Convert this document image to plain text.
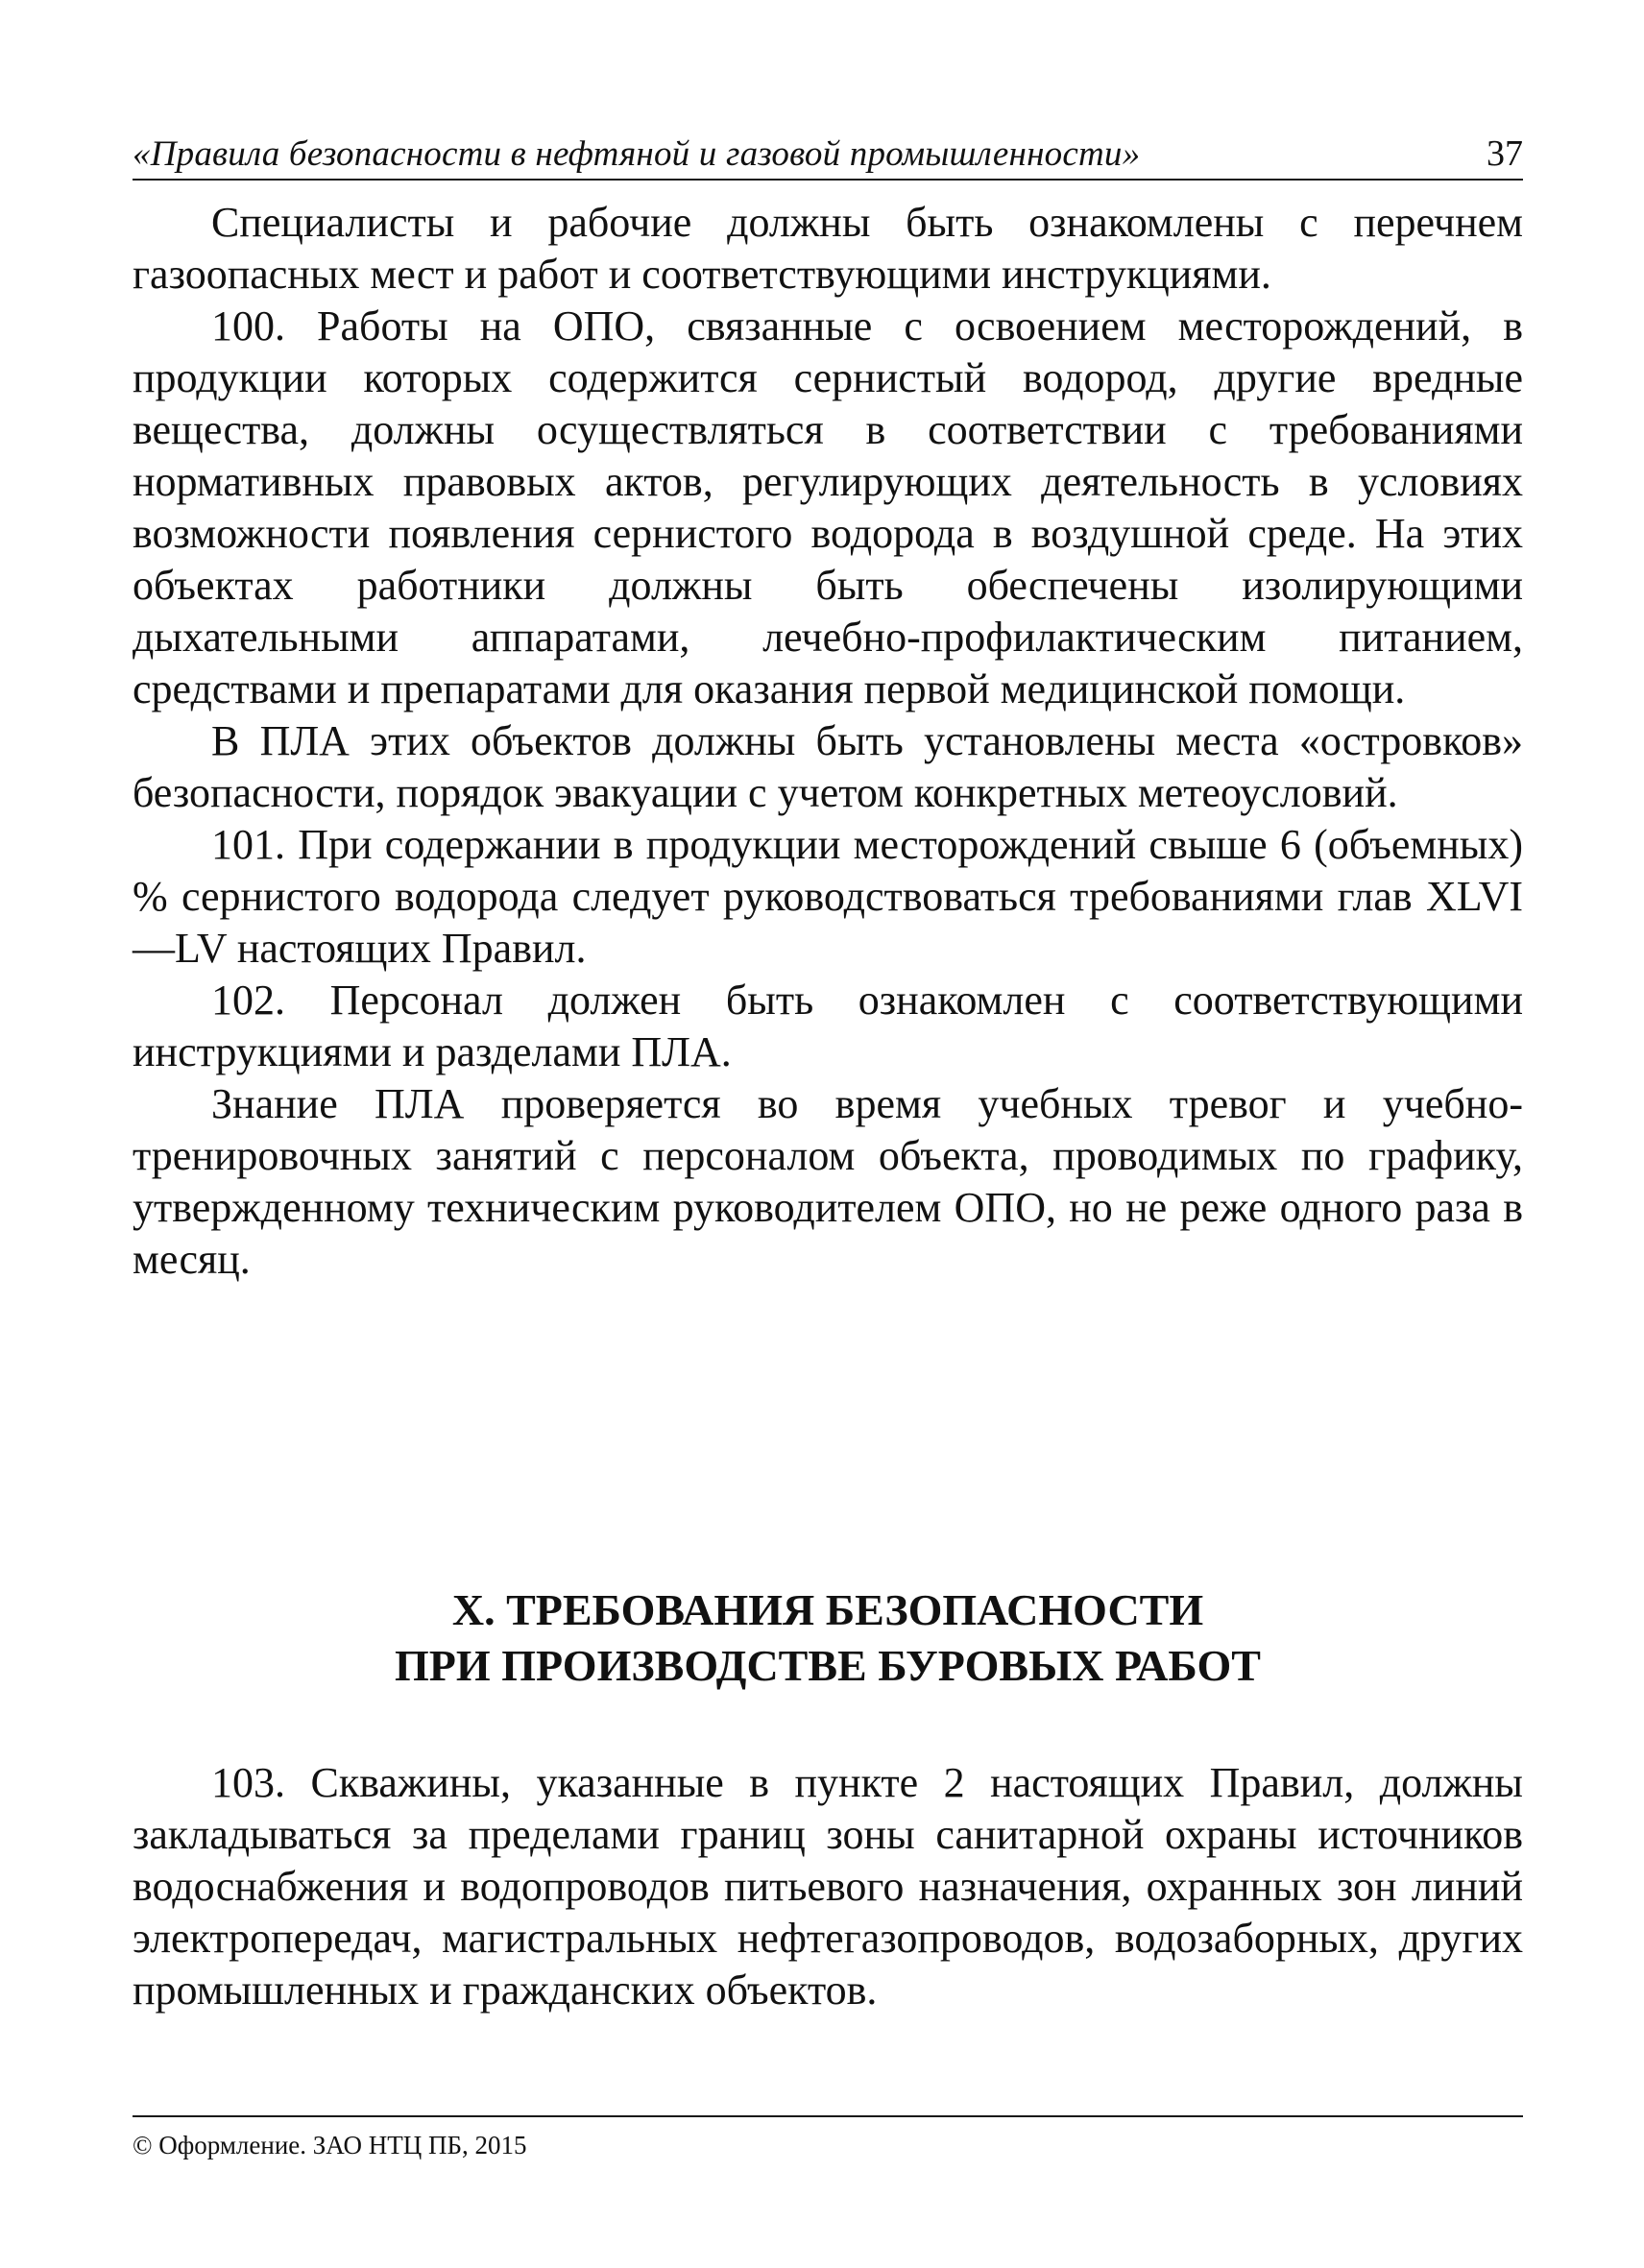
«Правила безопасности в нефтяной и газовой промышленности»	37

Специалисты и рабочие должны быть ознакомлены с перечнем газоопасных мест и работ и соответствующими инструкциями.

100. Работы на ОПО, связанные с освоением месторождений, в продукции которых содержится сернистый водород, другие вредные вещества, должны осуществляться в соответствии с требованиями нормативных правовых актов, регулирующих деятельность в условиях возможности появления сернистого водорода в воздушной среде. На этих объектах работники должны быть обеспечены изолирующими дыхательными аппаратами, лечебно-профилактическим питанием, средствами и препаратами для оказания первой медицинской помощи.

В ПЛА этих объектов должны быть установлены места «островков» безопасности, порядок эвакуации с учетом конкретных метеоусловий.

101. При содержании в продукции месторождений свыше 6 (объемных) % сернистого водорода следует руководствоваться требованиями глав XLVI—LV настоящих Правил.

102. Персонал должен быть ознакомлен с соответствующими инструкциями и разделами ПЛА.

Знание ПЛА проверяется во время учебных тревог и учебно-тренировочных занятий с персоналом объекта, проводимых по графику, утвержденному техническим руководителем ОПО, но не реже одного раза в месяц.

X. ТРЕБОВАНИЯ БЕЗОПАСНОСТИ
ПРИ ПРОИЗВОДСТВЕ БУРОВЫХ РАБОТ

103. Скважины, указанные в пункте 2 настоящих Правил, должны закладываться за пределами границ зоны санитарной охраны источников водоснабжения и водопроводов питьевого назначения, охранных зон линий электропередач, магистральных нефтегазопроводов, водозаборных, других промышленных и гражданских объектов.

© Оформление. ЗАО НТЦ ПБ, 2015
